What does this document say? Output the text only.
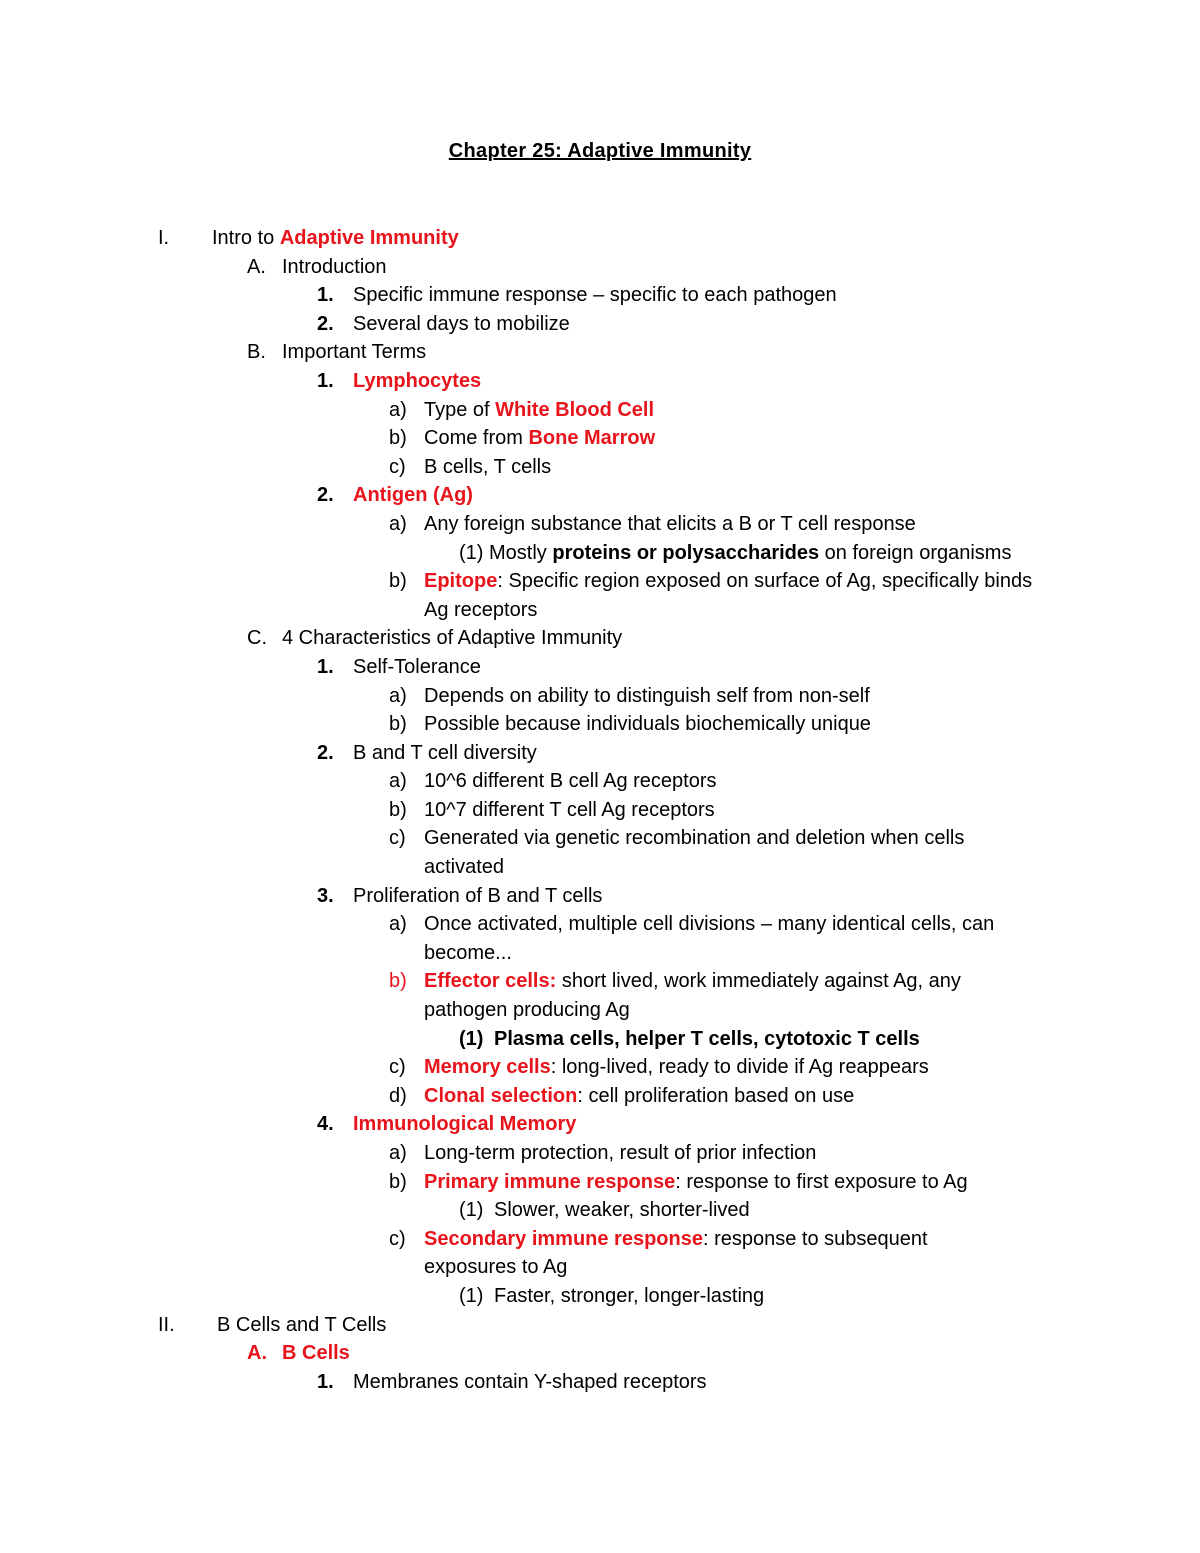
Chapter 25: Adaptive Immunity
I. Intro to Adaptive Immunity
A. Introduction
1. Specific immune response – specific to each pathogen
2. Several days to mobilize
B. Important Terms
1. Lymphocytes
a) Type of White Blood Cell
b) Come from Bone Marrow
c) B cells, T cells
2. Antigen (Ag)
a) Any foreign substance that elicits a B or T cell response
(1) Mostly proteins or polysaccharides on foreign organisms
b) Epitope: Specific region exposed on surface of Ag, specifically binds Ag receptors
C. 4 Characteristics of Adaptive Immunity
1. Self-Tolerance
a) Depends on ability to distinguish self from non-self
b) Possible because individuals biochemically unique
2. B and T cell diversity
a) 10^6 different B cell Ag receptors
b) 10^7 different T cell Ag receptors
c) Generated via genetic recombination and deletion when cells activated
3. Proliferation of B and T cells
a) Once activated, multiple cell divisions – many identical cells, can become...
b) Effector cells: short lived, work immediately against Ag, any pathogen producing Ag
(1) Plasma cells, helper T cells, cytotoxic T cells
c) Memory cells: long-lived, ready to divide if Ag reappears
d) Clonal selection: cell proliferation based on use
4. Immunological Memory
a) Long-term protection, result of prior infection
b) Primary immune response: response to first exposure to Ag
(1) Slower, weaker, shorter-lived
c) Secondary immune response: response to subsequent exposures to Ag
(1) Faster, stronger, longer-lasting
II. B Cells and T Cells
A. B Cells
1. Membranes contain Y-shaped receptors
